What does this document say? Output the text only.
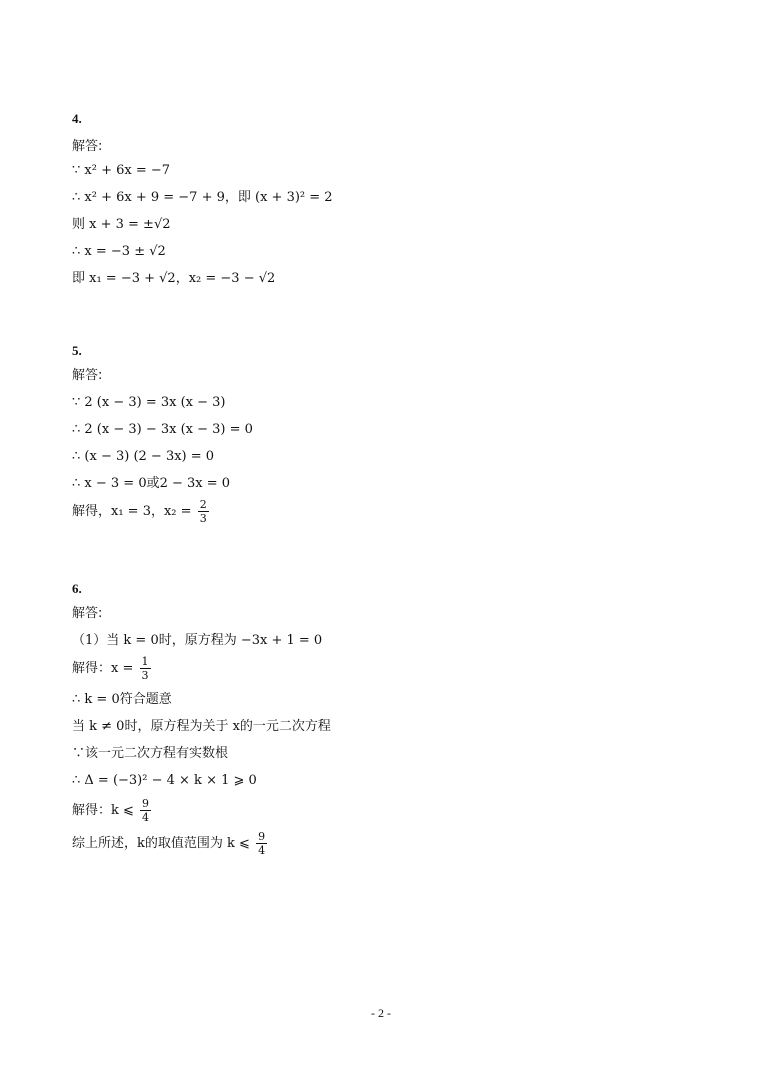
4.
解答:
∵ x² + 6x = −7
∴ x² + 6x + 9 = −7 + 9，即 (x + 3)² = 2
则 x + 3 = ±√2
∴ x = −3 ± √2
即 x₁ = −3 + √2，x₂ = −3 − √2
5.
解答:
∵ 2 (x − 3) = 3x (x − 3)
∴ 2 (x − 3) − 3x (x − 3) = 0
∴ (x − 3) (2 − 3x) = 0
∴ x − 3 = 0或2 − 3x = 0
解得，x₁ = 3，$x_2 = \frac{2}{3}$
6.
解答:
（1）当 k = 0时，原方程为 −3x + 1 = 0
解得：$x = \frac{1}{3}$
∴ k = 0符合题意
当 k ≠ 0时，原方程为关于 x的一元二次方程
∵该一元二次方程有实数根
∴ Δ = (−3)² − 4 × k × 1 ⩾ 0
解得：k ⩽ $\frac{9}{4}$
综上所述，k的取值范围为 k ⩽ $\frac{9}{4}$
- 2 -
